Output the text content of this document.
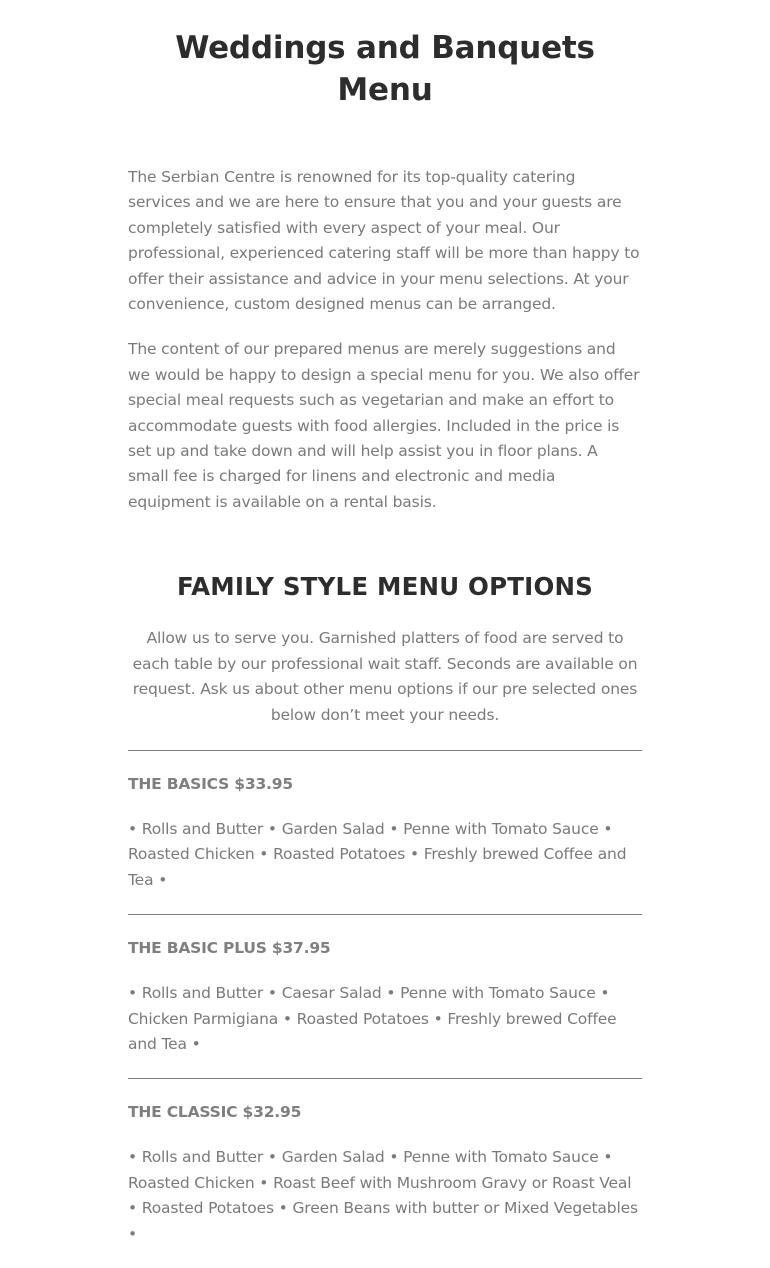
Weddings and Banquets Menu

The Serbian Centre is renowned for its top-quality catering services and we are here to ensure that you and your guests are completely satisfied with every aspect of your meal. Our professional, experienced catering staff will be more than happy to offer their assistance and advice in your menu selections. At your convenience, custom designed menus can be arranged.

The content of our prepared menus are merely suggestions and we would be happy to design a special menu for you. We also offer special meal requests such as vegetarian and make an effort to accommodate guests with food allergies. Included in the price is set up and take down and will help assist you in floor plans. A small fee is charged for linens and electronic and media equipment is available on a rental basis.

FAMILY STYLE MENU OPTIONS

Allow us to serve you. Garnished platters of food are served to each table by our professional wait staff. Seconds are available on request. Ask us about other menu options if our pre selected ones below don’t meet your needs.

THE BASICS $33.95

• Rolls and Butter • Garden Salad • Penne with Tomato Sauce • Roasted Chicken • Roasted Potatoes • Freshly brewed Coffee and Tea •

THE BASIC PLUS $37.95

• Rolls and Butter • Caesar Salad • Penne with Tomato Sauce • Chicken Parmigiana • Roasted Potatoes • Freshly brewed Coffee and Tea •

THE CLASSIC $32.95

• Rolls and Butter • Garden Salad • Penne with Tomato Sauce • Roasted Chicken • Roast Beef with Mushroom Gravy or Roast Veal • Roasted Potatoes • Green Beans with butter or Mixed Vegetables •
